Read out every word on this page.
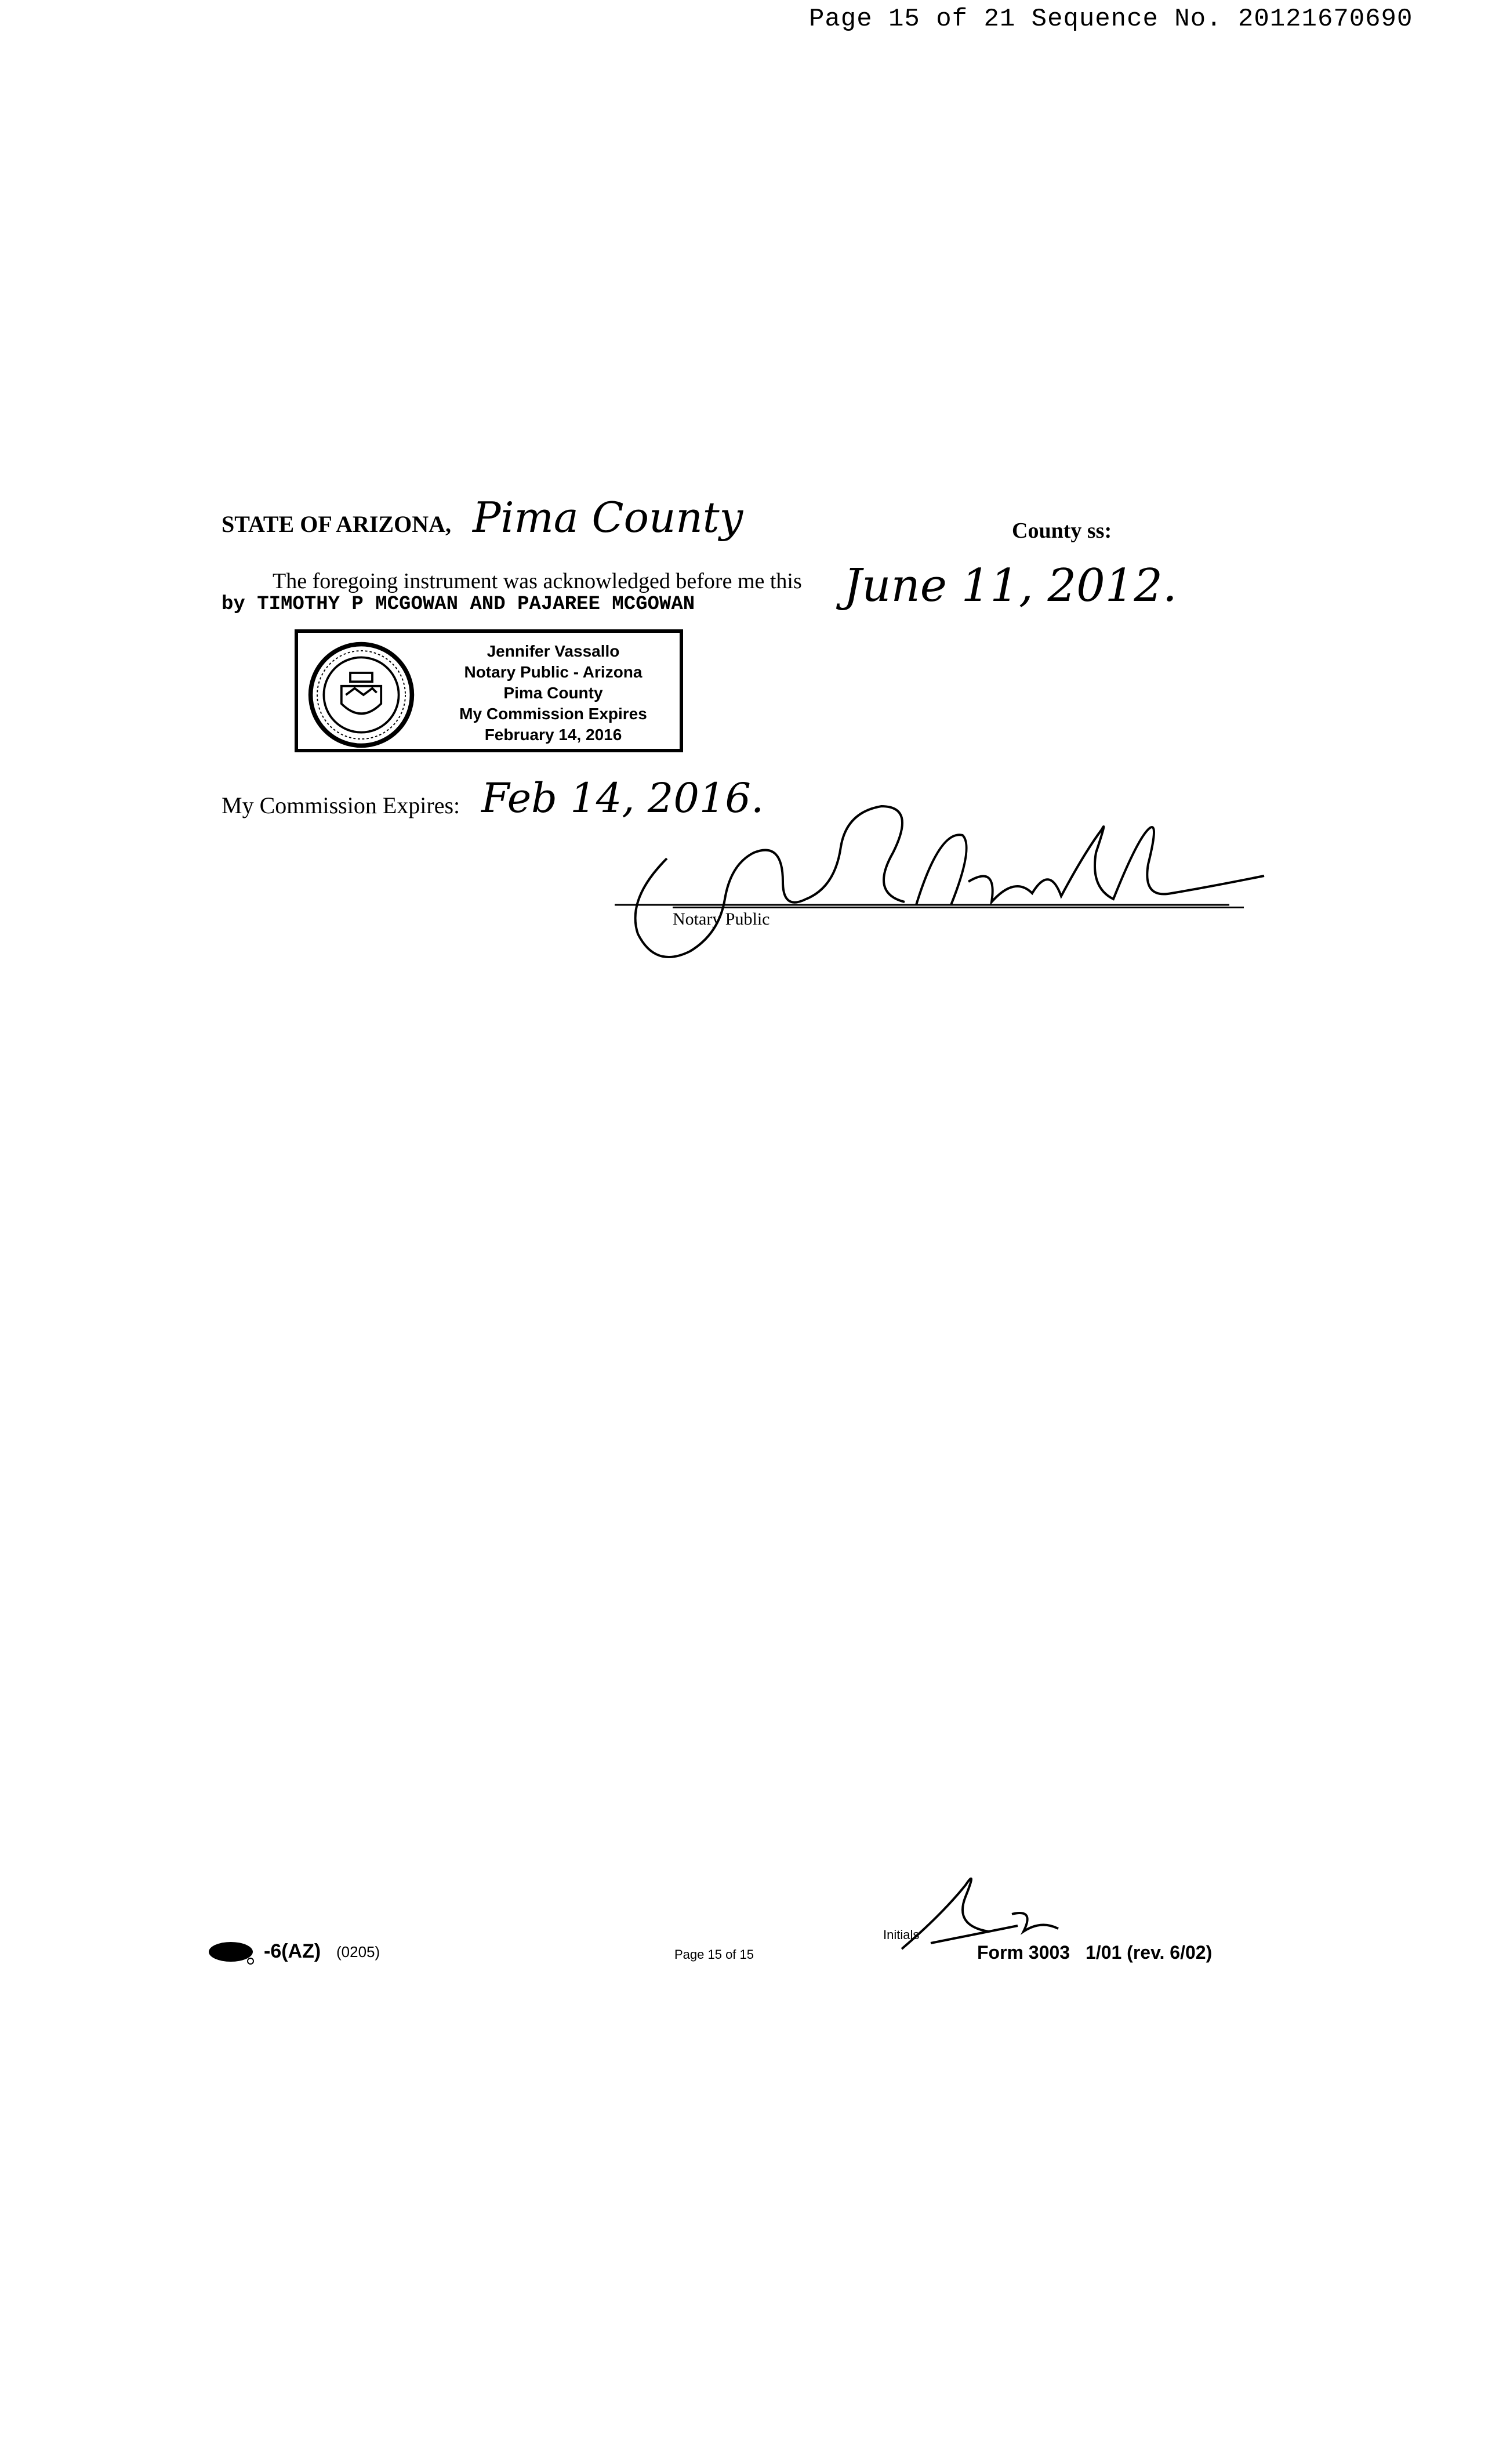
Page 15 of 21 Sequence No. 20121670690
STATE OF ARIZONA, Pima County	County ss:
The foregoing instrument was acknowledged before me this June 11, 2012.
by TIMOTHY P MCGOWAN AND PAJAREE MCGOWAN
Jennifer Vassallo
Notary Public - Arizona
Pima County
My Commission Expires
February 14, 2016
My Commission Expires: Feb 14, 2016.
Notary Public
-6(AZ) (0205)	Page 15 of 15
Initials
Form 3003 1/01 (rev. 6/02)
